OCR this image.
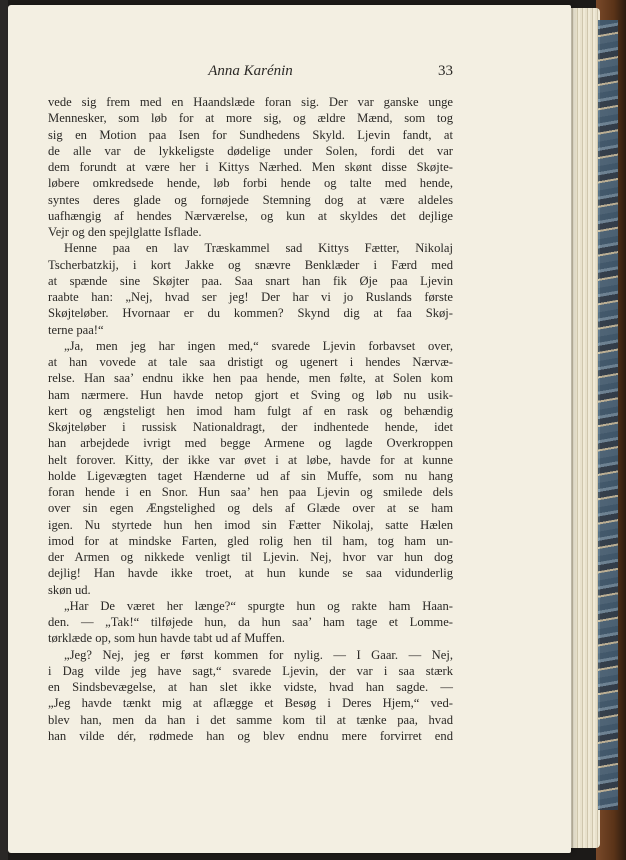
Anna Karénin	33
vede sig frem med en Haandslæde foran sig. Der var ganske unge
Mennesker, som løb for at more sig, og ældre Mænd, som tog
sig en Motion paa Isen for Sundhedens Skyld. Ljevin fandt, at
de alle var de lykkeligste dødelige under Solen, fordi det var
dem forundt at være her i Kittys Nærhed. Men skønt disse Skøjte-
løbere omkredsede hende, løb forbi hende og talte med hende,
syntes deres glade og fornøjede Stemning dog at være aldeles
uafhængig af hendes Nærværelse, og kun at skyldes det dejlige
Vejr og den spejlglatte Isflade.
Henne paa en lav Træskammel sad Kittys Fætter, Nikolaj
Tscherbatzkij, i kort Jakke og snævre Benklæder i Færd med
at spænde sine Skøjter paa. Saa snart han fik Øje paa Ljevin
raabte han: „Nej, hvad ser jeg! Der har vi jo Ruslands første
Skøjteløber. Hvornaar er du kommen? Skynd dig at faa Skøj-
terne paa!“
„Ja, men jeg har ingen med,“ svarede Ljevin forbavset over,
at han vovede at tale saa dristigt og ugenert i hendes Nærvæ-
relse. Han saa’ endnu ikke hen paa hende, men følte, at Solen kom
ham nærmere. Hun havde netop gjort et Sving og løb nu usik-
kert og ængsteligt hen imod ham fulgt af en rask og behændig
Skøjteløber i russisk Nationaldragt, der indhentede hende, idet
han arbejdede ivrigt med begge Armene og lagde Overkroppen
helt forover. Kitty, der ikke var øvet i at løbe, havde for at kunne
holde Ligevægten taget Hænderne ud af sin Muffe, som nu hang
foran hende i en Snor. Hun saa’ hen paa Ljevin og smilede dels
over sin egen Ængstelighed og dels af Glæde over at se ham
igen. Nu styrtede hun hen imod sin Fætter Nikolaj, satte Hælen
imod for at mindske Farten, gled rolig hen til ham, tog ham un-
der Armen og nikkede venligt til Ljevin. Nej, hvor var hun dog
dejlig! Han havde ikke troet, at hun kunde se saa vidunderlig
skøn ud.
„Har De været her længe?“ spurgte hun og rakte ham Haan-
den. — „Tak!“ tilføjede hun, da hun saa’ ham tage et Lomme-
tørklæde op, som hun havde tabt ud af Muffen.
„Jeg? Nej, jeg er først kommen for nylig. — I Gaar. — Nej,
i Dag vilde jeg have sagt,“ svarede Ljevin, der var i saa stærk
en Sindsbevægelse, at han slet ikke vidste, hvad han sagde. —
„Jeg havde tænkt mig at aflægge et Besøg i Deres Hjem,“ ved-
blev han, men da han i det samme kom til at tænke paa, hvad
han vilde dér, rødmede han og blev endnu mere forvirret end
